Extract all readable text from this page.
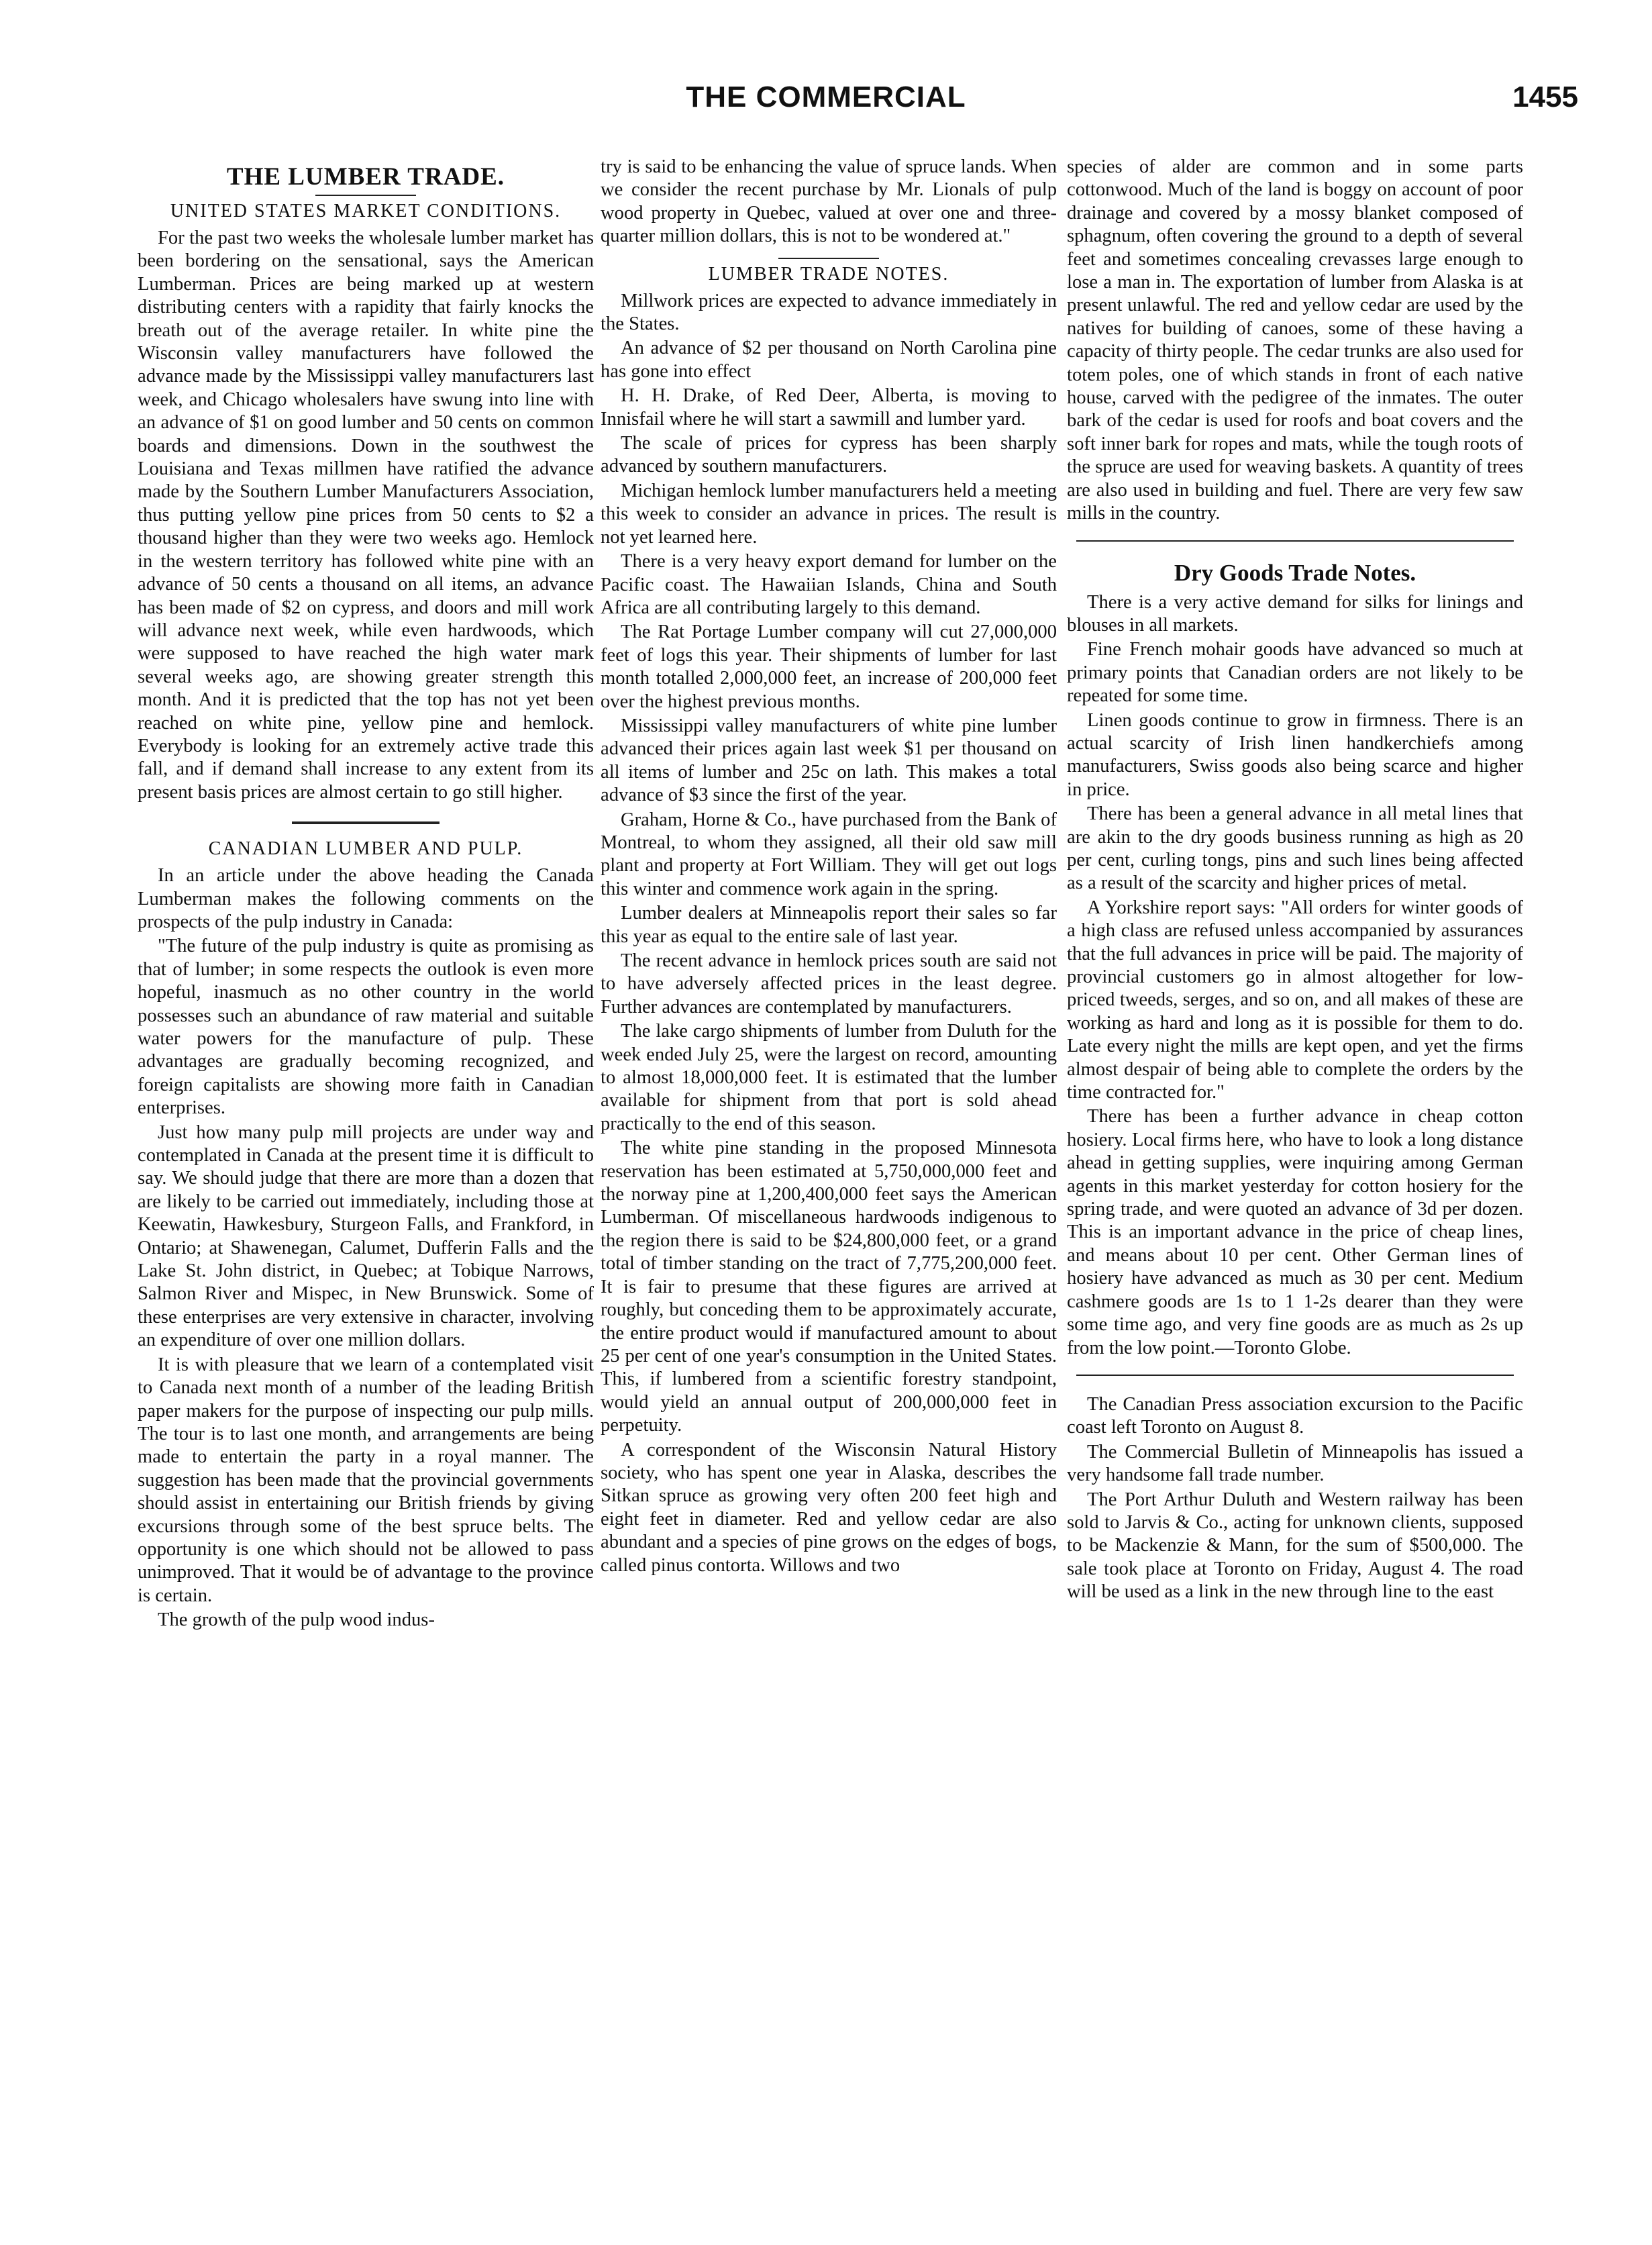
THE COMMERCIAL	1455
THE LUMBER TRADE.
UNITED STATES MARKET CONDITIONS.

For the past two weeks the wholesale lumber market has been bordering on the sensational, says the American Lumberman. Prices are being marked up at western distributing centers with a rapidity that fairly knocks the breath out of the average retailer. In white pine the Wisconsin valley manufacturers have followed the advance made by the Mississippi valley manufacturers last week, and Chicago wholesalers have swung into line with an advance of $1 on good lumber and 50 cents on common boards and dimensions. Down in the southwest the Louisiana and Texas millmen have ratified the advance made by the Southern Lumber Manufacturers Association, thus putting yellow pine prices from 50 cents to $2 a thousand higher than they were two weeks ago. Hemlock in the western territory has followed white pine with an advance of 50 cents a thousand on all items, an advance has been made of $2 on cypress, and doors and mill work will advance next week, while even hardwoods, which were supposed to have reached the high water mark several weeks ago, are showing greater strength this month. And it is predicted that the top has not yet been reached on white pine, yellow pine and hemlock. Everybody is looking for an extremely active trade this fall, and if demand shall increase to any extent from its present basis prices are almost certain to go still higher.

CANADIAN LUMBER AND PULP.

In an article under the above heading the Canada Lumberman makes the following comments on the prospects of the pulp industry in Canada:

"The future of the pulp industry is quite as promising as that of lumber; in some respects the outlook is even more hopeful, inasmuch as no other country in the world possesses such an abundance of raw material and suitable water powers for the manufacture of pulp. These advantages are gradually becoming recognized, and foreign capitalists are showing more faith in Canadian enterprises.

Just how many pulp mill projects are under way and contemplated in Canada at the present time it is difficult to say. We should judge that there are more than a dozen that are likely to be carried out immediately, including those at Keewatin, Hawkesbury, Sturgeon Falls, and Frankford, in Ontario; at Shawenegan, Calumet, Dufferin Falls and the Lake St. John district, in Quebec; at Tobique Narrows, Salmon River and Mispec, in New Brunswick. Some of these enterprises are very extensive in character, involving an expenditure of over one million dollars.

It is with pleasure that we learn of a contemplated visit to Canada next month of a number of the leading British paper makers for the purpose of inspecting our pulp mills. The tour is to last one month, and arrangements are being made to entertain the party in a royal manner. The suggestion has been made that the provincial governments should assist in entertaining our British friends by giving excursions through some of the best spruce belts. The opportunity is one which should not be allowed to pass unimproved. That it would be of advantage to the province is certain.

The growth of the pulp wood indus-

try is said to be enhancing the value of spruce lands. When we consider the recent purchase by Mr. Lionals of pulp wood property in Quebec, valued at over one and three-quarter million dollars, this is not to be wondered at."

LUMBER TRADE NOTES.

Millwork prices are expected to advance immediately in the States.

An advance of $2 per thousand on North Carolina pine has gone into effect

H. H. Drake, of Red Deer, Alberta, is moving to Innisfail where he will start a sawmill and lumber yard.

The scale of prices for cypress has been sharply advanced by southern manufacturers.

Michigan hemlock lumber manufacturers held a meeting this week to consider an advance in prices. The result is not yet learned here.

There is a very heavy export demand for lumber on the Pacific coast. The Hawaiian Islands, China and South Africa are all contributing largely to this demand.

The Rat Portage Lumber company will cut 27,000,000 feet of logs this year. Their shipments of lumber for last month totalled 2,000,000 feet, an increase of 200,000 feet over the highest previous months.

Mississippi valley manufacturers of white pine lumber advanced their prices again last week $1 per thousand on all items of lumber and 25c on lath. This makes a total advance of $3 since the first of the year.

Graham, Horne & Co., have purchased from the Bank of Montreal, to whom they assigned, all their old saw mill plant and property at Fort William. They will get out logs this winter and commence work again in the spring.

Lumber dealers at Minneapolis report their sales so far this year as equal to the entire sale of last year.

The recent advance in hemlock prices south are said not to have adversely affected prices in the least degree. Further advances are contemplated by manufacturers.

The lake cargo shipments of lumber from Duluth for the week ended July 25, were the largest on record, amounting to almost 18,000,000 feet. It is estimated that the lumber available for shipment from that port is sold ahead practically to the end of this season.

The white pine standing in the proposed Minnesota reservation has been estimated at 5,750,000,000 feet and the norway pine at 1,200,400,000 feet says the American Lumberman. Of miscellaneous hardwoods indigenous to the region there is said to be $24,800,000 feet, or a grand total of timber standing on the tract of 7,775,200,000 feet. It is fair to presume that these figures are arrived at roughly, but conceding them to be approximately accurate, the entire product would if manufactured amount to about 25 per cent of one year's consumption in the United States. This, if lumbered from a scientific forestry standpoint, would yield an annual output of 200,000,000 feet in perpetuity.

A correspondent of the Wisconsin Natural History society, who has spent one year in Alaska, describes the Sitkan spruce as growing very often 200 feet high and eight feet in diameter. Red and yellow cedar are also abundant and a species of pine grows on the edges of bogs, called pinus contorta. Willows and two

species of alder are common and in some parts cottonwood. Much of the land is boggy on account of poor drainage and covered by a mossy blanket composed of sphagnum, often covering the ground to a depth of several feet and sometimes concealing crevasses large enough to lose a man in. The exportation of lumber from Alaska is at present unlawful. The red and yellow cedar are used by the natives for building of canoes, some of these having a capacity of thirty people. The cedar trunks are also used for totem poles, one of which stands in front of each native house, carved with the pedigree of the inmates. The outer bark of the cedar is used for roofs and boat covers and the soft inner bark for ropes and mats, while the tough roots of the spruce are used for weaving baskets. A quantity of trees are also used in building and fuel. There are very few saw mills in the country.

Dry Goods Trade Notes.

There is a very active demand for silks for linings and blouses in all markets.

Fine French mohair goods have advanced so much at primary points that Canadian orders are not likely to be repeated for some time.

Linen goods continue to grow in firmness. There is an actual scarcity of Irish linen handkerchiefs among manufacturers, Swiss goods also being scarce and higher in price.

There has been a general advance in all metal lines that are akin to the dry goods business running as high as 20 per cent, curling tongs, pins and such lines being affected as a result of the scarcity and higher prices of metal.

A Yorkshire report says: "All orders for winter goods of a high class are refused unless accompanied by assurances that the full advances in price will be paid. The majority of provincial customers go in almost altogether for low-priced tweeds, serges, and so on, and all makes of these are working as hard and long as it is possible for them to do. Late every night the mills are kept open, and yet the firms almost despair of being able to complete the orders by the time contracted for."

There has been a further advance in cheap cotton hosiery. Local firms here, who have to look a long distance ahead in getting supplies, were inquiring among German agents in this market yesterday for cotton hosiery for the spring trade, and were quoted an advance of 3d per dozen. This is an important advance in the price of cheap lines, and means about 10 per cent. Other German lines of hosiery have advanced as much as 30 per cent. Medium cashmere goods are 1s to 1 1-2s dearer than they were some time ago, and very fine goods are as much as 2s up from the low point.—Toronto Globe.

The Canadian Press association excursion to the Pacific coast left Toronto on August 8.

The Commercial Bulletin of Minneapolis has issued a very handsome fall trade number.

The Port Arthur Duluth and Western railway has been sold to Jarvis & Co., acting for unknown clients, supposed to be Mackenzie & Mann, for the sum of $500,000. The sale took place at Toronto on Friday, August 4. The road will be used as a link in the new through line to the east
